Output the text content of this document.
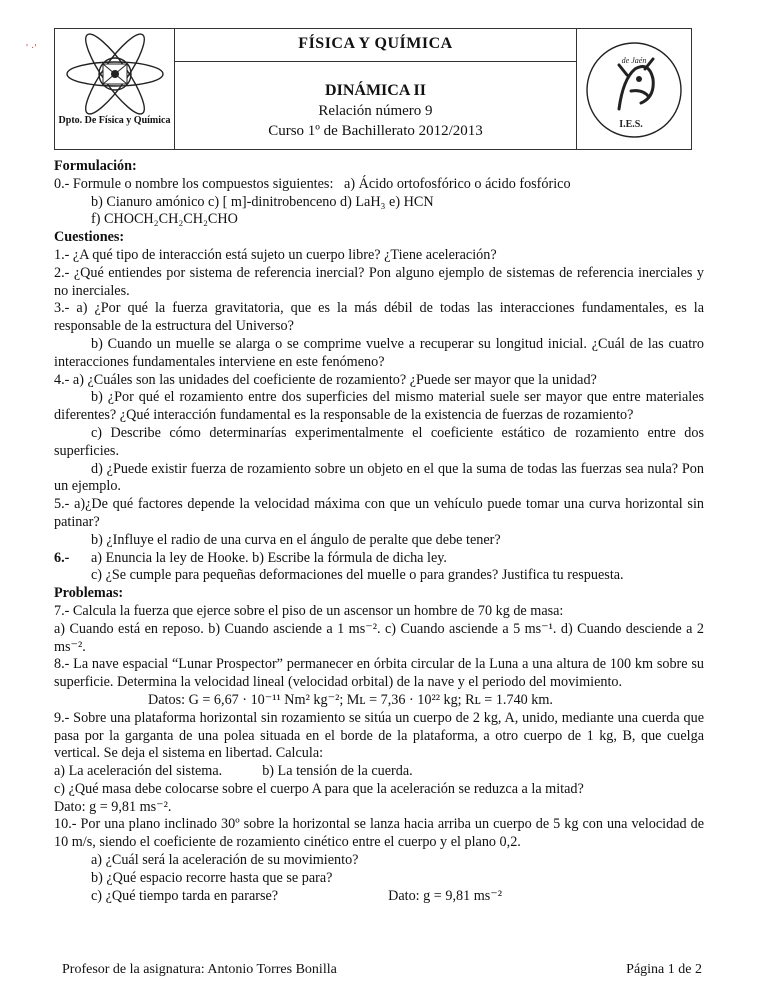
' ·'	FÍSICA Y QUÍMICA
Dpto. De Física y Química
DINÁMICA II
Relación número 9
Curso 1º de Bachillerato 2012/2013
de Jaén
I.E.S.

Formulación:

0.- Formule o nombre los compuestos siguientes: a) Ácido ortofosfórico o ácido fosfórico

b) Cianuro amónico c) [ m]-dinitrobenceno d) LaH₃ e) HCN

f) CHOCH₂CH₂CH₂CHO

Cuestiones:

1.- ¿A qué tipo de interacción está sujeto un cuerpo libre? ¿Tiene aceleración?

2.- ¿Qué entiendes por sistema de referencia inercial? Pon alguno ejemplo de sistemas de referencia inerciales y no inerciales.

3.- a) ¿Por qué la fuerza gravitatoria, que es la más débil de todas las interacciones fundamentales, es la responsable de la estructura del Universo?

b) Cuando un muelle se alarga o se comprime vuelve a recuperar su longitud inicial. ¿Cuál de las cuatro interacciones fundamentales interviene en este fenómeno?

4.- a) ¿Cuáles son las unidades del coeficiente de rozamiento? ¿Puede ser mayor que la unidad?

b) ¿Por qué el rozamiento entre dos superficies del mismo material suele ser mayor que entre materiales diferentes? ¿Qué interacción fundamental es la responsable de la existencia de fuerzas de rozamiento?

c) Describe cómo determinarías experimentalmente el coeficiente estático de rozamiento entre dos superficies.

d) ¿Puede existir fuerza de rozamiento sobre un objeto en el que la suma de todas las fuerzas sea nula? Pon un ejemplo.

5.- a)¿De qué factores depende la velocidad máxima con que un vehículo puede tomar una curva horizontal sin patinar?

b) ¿Influye el radio de una curva en el ángulo de peralte que debe tener?

6.- a) Enuncia la ley de Hooke. b) Escribe la fórmula de dicha ley.

c) ¿Se cumple para pequeñas deformaciones del muelle o para grandes? Justifica tu respuesta.

Problemas:

7.- Calcula la fuerza que ejerce sobre el piso de un ascensor un hombre de 70 kg de masa:

a) Cuando está en reposo. b) Cuando asciende a 1 ms⁻². c) Cuando asciende a 5 ms⁻¹. d) Cuando desciende a 2 ms⁻².

8.- La nave espacial “Lunar Prospector” permanecer en órbita circular de la Luna a una altura de 100 km sobre su superficie. Determina la velocidad lineal (velocidad orbital) de la nave y el periodo del movimiento.

Datos: G = 6,67 · 10⁻¹¹ Nm² kg⁻²; Mʟ = 7,36 · 10²² kg; Rʟ = 1.740 km.

9.- Sobre una plataforma horizontal sin rozamiento se sitúa un cuerpo de 2 kg, A, unido, mediante una cuerda que pasa por la garganta de una polea situada en el borde de la plataforma, a otro cuerpo de 1 kg, B, que cuelga vertical. Se deja el sistema en libertad. Calcula:

a) La aceleración del sistema.	b) La tensión de la cuerda.

c) ¿Qué masa debe colocarse sobre el cuerpo A para que la aceleración se reduzca a la mitad?

Dato: g = 9,81 ms⁻².

10.- Por una plano inclinado 30º sobre la horizontal se lanza hacia arriba un cuerpo de 5 kg con una velocidad de 10 m/s, siendo el coeficiente de rozamiento cinético entre el cuerpo y el plano 0,2.

a) ¿Cuál será la aceleración de su movimiento?

b) ¿Qué espacio recorre hasta que se para?

c) ¿Qué tiempo tarda en pararse?	Dato: g = 9,81 ms⁻²

Profesor de la asignatura: Antonio Torres Bonilla	Página 1 de 2
